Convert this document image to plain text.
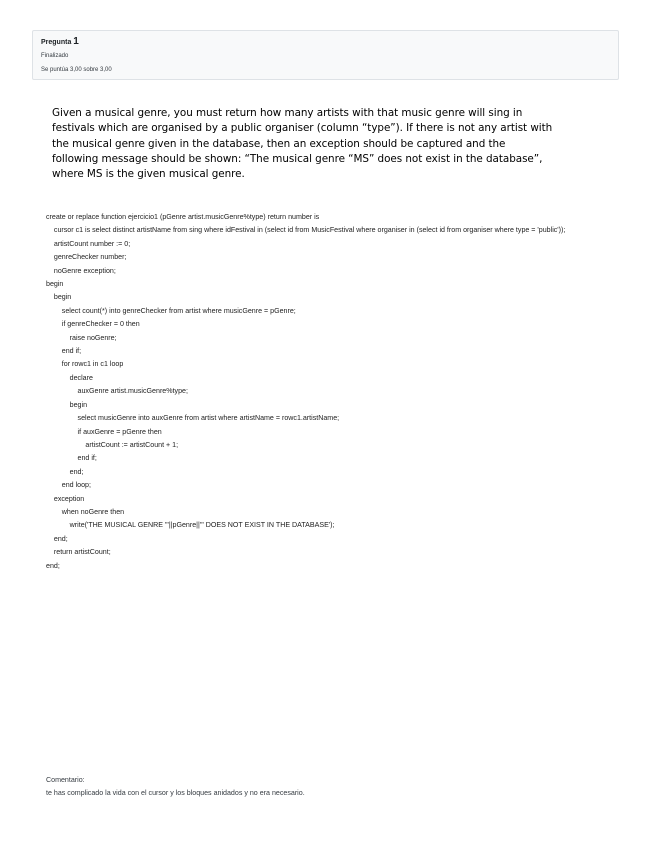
Pregunta 1
Finalizado
Se puntúa 3,00 sobre 3,00
Given a musical genre, you must return how many artists with that music genre will sing in
festivals which are organised by a public organiser (column “type”). If there is not any artist with
the musical genre given in the database, then an exception should be captured and the
following message should be shown: “The musical genre “MS” does not exist in the database”,
where MS is the given musical genre.
create or replace function ejercicio1 (pGenre artist.musicGenre%type) return number is
cursor c1 is select distinct artistName from sing where idFestival in (select id from MusicFestival where organiser in (select id from organiser where type = 'public'));
artistCount number := 0;
genreChecker number;
noGenre exception;
begin
begin
select count(*) into genreChecker from artist where musicGenre = pGenre;
if genreChecker = 0 then
raise noGenre;
end if;
for rowc1 in c1 loop
declare
auxGenre artist.musicGenre%type;
begin
select musicGenre into auxGenre from artist where artistName = rowc1.artistName;
if auxGenre = pGenre then
artistCount := artistCount + 1;
end if;
end;
end loop;
exception
when noGenre then
write('THE MUSICAL GENRE "'||pGenre||'" DOES NOT EXIST IN THE DATABASE');
end;
return artistCount;
end;
Comentario:
te has complicado la vida con el cursor y los bloques anidados y no era necesario.
